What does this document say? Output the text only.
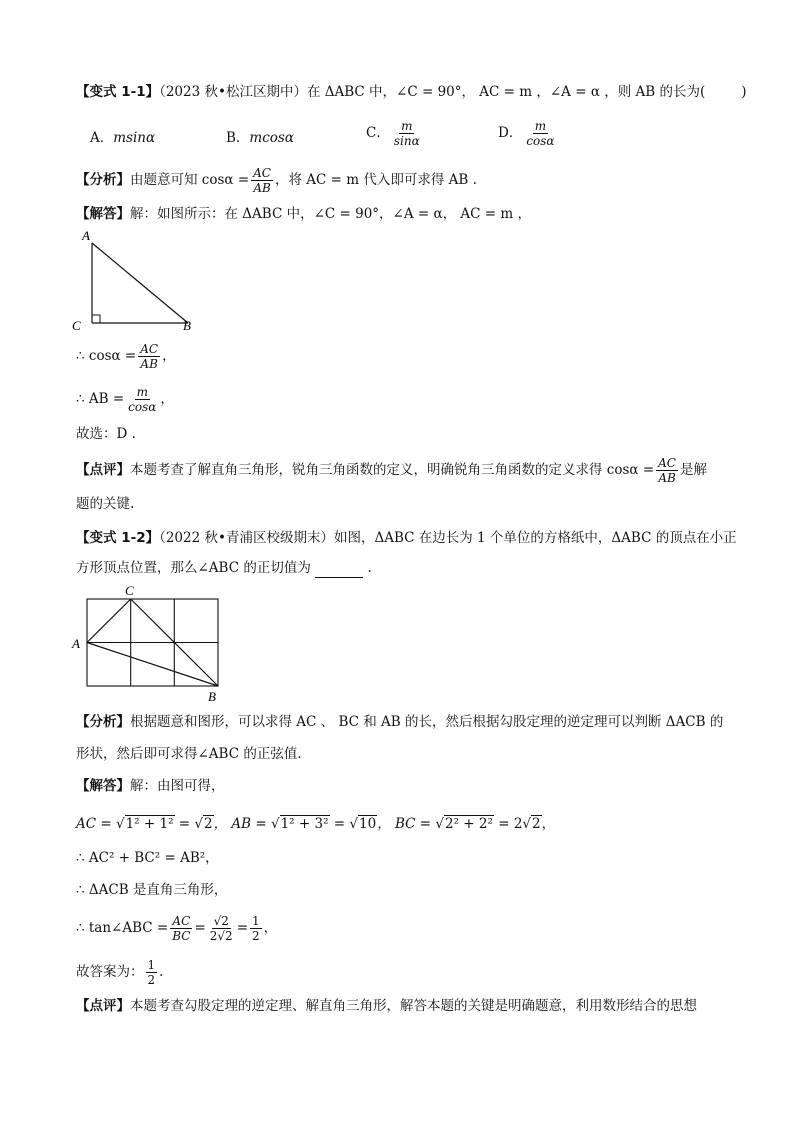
【变式 1-1】（2023 秋•松江区期中）在 ΔABC 中，∠C = 90°， AC = m ，∠A = α ，则 AB 的长为(	)
A．msinα	B．mcosα	C． $\frac{m}{\sin\alpha}$	D． $\frac{m}{\cos\alpha}$
【分析】由题意可知 $\cos\alpha = \frac{AC}{AB}$ ，将 AC = m 代入即可求得 AB .
【解答】解：如图所示：在 ΔABC 中，∠C = 90°，∠A = α， AC = m ，
A
C	B
∴ $\cos\alpha = \frac{AC}{AB}$ ，
∴ AB = $\frac{m}{\cos\alpha}$ ，
故选：D .
【点评】本题考查了解直角三角形，锐角三角函数的定义，明确锐角三角函数的定义求得 $\cos\alpha = \frac{AC}{AB}$ 是解
题的关键.
【变式 1-2】（2022 秋•青浦区校级期末）如图，ΔABC 在边长为 1 个单位的方格纸中，ΔABC 的顶点在小正
方形顶点位置，那么∠ABC 的正切值为	.
A
C
B
【分析】根据题意和图形，可以求得 AC 、 BC 和 AB 的长，然后根据勾股定理的逆定理可以判断 ΔACB 的
形状，然后即可求得∠ABC 的正弦值.
【解答】解：由图可得，
AC = √1² + 1² = √2， AB = √1² + 3² = √10， BC = √2² + 2² = 2√2，
∴ AC² + BC² = AB²，
∴ ΔACB 是直角三角形，
∴ tan∠ABC = $\frac{AC}{BC} = \frac{√2}{2√2} = \frac{1}{2}$ ，
故答案为： $\frac{1}{2}$ .
【点评】本题考查勾股定理的逆定理、解直角三角形，解答本题的关键是明确题意，利用数形结合的思想
